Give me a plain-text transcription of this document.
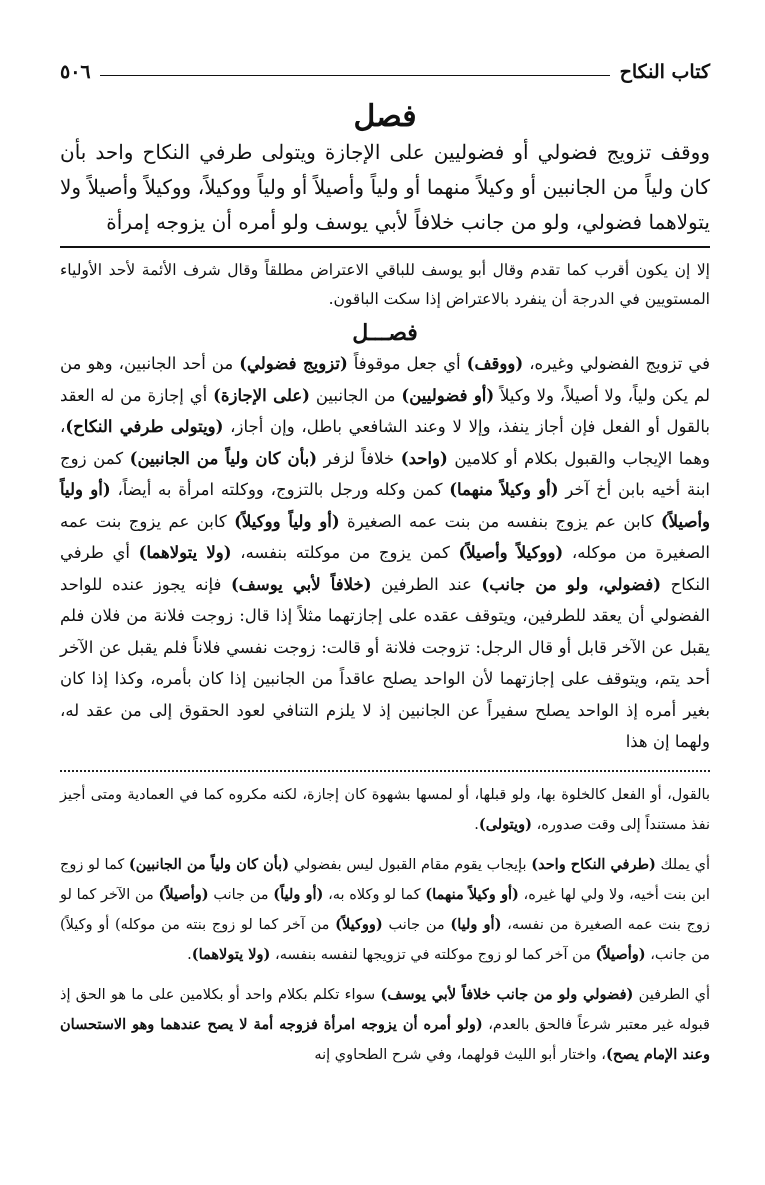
كتاب النكاح
٥٠٦
فصل

ووقف تزويج فضولي أو فضوليين على الإجازة ويتولى طرفي النكاح واحد بأن كان ولياً من الجانبين أو وكيلاً منهما أو ولياً وأصيلاً أو ولياً ووكيلاً، ووكيلاً وأصيلاً ولا يتولاهما فضولي، ولو من جانب خلافاً لأبي يوسف ولو أمره أن يزوجه إمرأة

إلا إن يكون أقرب كما تقدم وقال أبو يوسف للباقي الاعتراض مطلقاً وقال شرف الأئمة لأحد الأولياء المستويين في الدرجة أن ينفرد بالاعتراض إذا سكت الباقون.

فصـــل

في تزويج الفضولي وغيره، (ووقف) أي جعل موقوفاً (تزويج فضولي) من أحد الجانبين، وهو من لم يكن ولياً، ولا أصيلاً، ولا وكيلاً (أو فضوليين) من الجانبين (على الإجازة) أي إجازة من له العقد بالقول أو الفعل فإن أجاز ينفذ، وإلا لا وعند الشافعي باطل، وإن أجاز، (ويتولى طرفي النكاح)، وهما الإيجاب والقبول بكلام أو كلامين (واحد) خلافاً لزفر (بأن كان ولياً من الجانبين) كمن زوج ابنة أخيه بابن أخ آخر (أو وكيلاً منهما) كمن وكله ورجل بالتزوج، ووكلته امرأة به أيضاً، (أو ولياً وأصيلاً) كابن عم يزوج بنفسه من بنت عمه الصغيرة (أو ولياً ووكيلاً) كابن عم يزوج بنت عمه الصغيرة من موكله، (ووكيلاً وأصيلاً) كمن يزوج من موكلته بنفسه، (ولا يتولاهما) أي طرفي النكاح (فضولي، ولو من جانب) عند الطرفين (خلافاً لأبي يوسف) فإنه يجوز عنده للواحد الفضولي أن يعقد للطرفين، ويتوقف عقده على إجازتهما مثلاً إذا قال: زوجت فلانة من فلان فلم يقبل عن الآخر قابل أو قال الرجل: تزوجت فلانة أو قالت: زوجت نفسي فلاناً فلم يقبل عن الآخر أحد يتم، ويتوقف على إجازتهما لأن الواحد يصلح عاقداً من الجانبين إذا كان بأمره، وكذا إذا كان بغير أمره إذ الواحد يصلح سفيراً عن الجانبين إذ لا يلزم التنافي لعود الحقوق إلى من عقد له، ولهما إن هذا

بالقول، أو الفعل كالخلوة بها، ولو قبلها، أو لمسها بشهوة كان إجازة، لكنه مكروه كما في العمادية ومتى أجيز نفذ مستنداً إلى وقت صدوره، (ويتولى).

أي يملك (طرفي النكاح واحد) بإيجاب يقوم مقام القبول ليس بفضولي (بأن كان ولياً من الجانبين) كما لو زوج ابن بنت أخيه، ولا ولي لها غيره، (أو وكيلاً منهما) كما لو وكلاه به، (أو ولياً) من جانب (وأصيلاً) من الآخر كما لو زوج بنت عمه الصغيرة من نفسه، (أو وليا) من جانب (ووكيلاً) من آخر كما لو زوج بنته من موكله) أو وكيلاً) من جانب، (وأصيلاً) من آخر كما لو زوج موكلته في تزويجها لنفسه بنفسه، (ولا يتولاهما).

أي الطرفين (فضولي ولو من جانب خلافاً لأبي يوسف) سواء تكلم بكلام واحد أو بكلامين على ما هو الحق إذ قبوله غير معتبر شرعاً فالحق بالعدم، (ولو أمره أن يزوجه امرأة فزوجه أمة لا يصح عندهما وهو الاستحسان وعند الإمام يصح)، واختار أبو الليث قولهما، وفي شرح الطحاوي إنه
